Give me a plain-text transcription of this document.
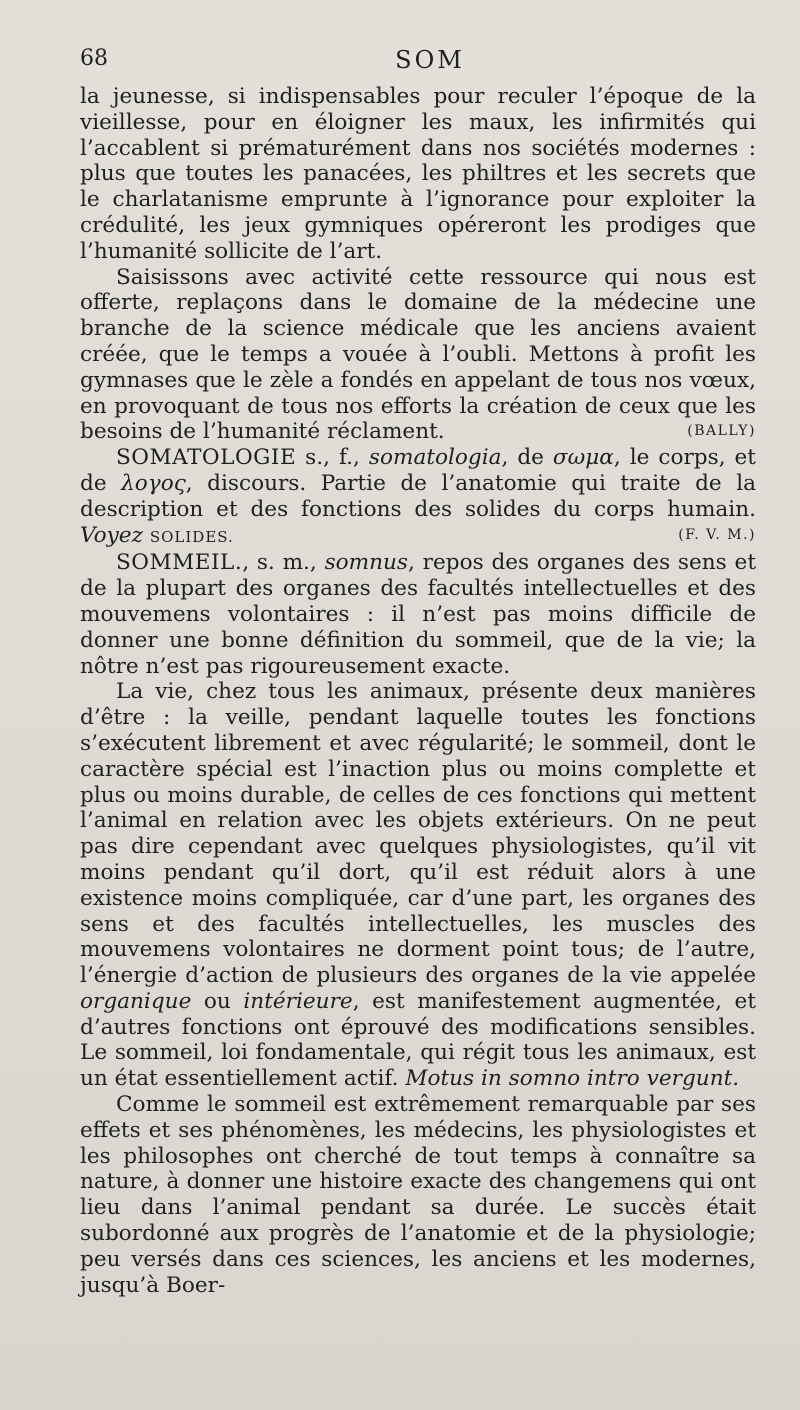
68	SOM

la jeunesse, si indispensables pour reculer l’époque de la vieillesse, pour en éloigner les maux, les infirmités qui l’accablent si prématurément dans nos sociétés modernes : plus que toutes les panacées, les philtres et les secrets que le charlatanisme emprunte à l’ignorance pour exploiter la crédulité, les jeux gymniques opéreront les prodiges que l’humanité sollicite de l’art.

Saisissons avec activité cette ressource qui nous est offerte, replaçons dans le domaine de la médecine une branche de la science médicale que les anciens avaient créée, que le temps a vouée à l’oubli. Mettons à profit les gymnases que le zèle a fondés en appelant de tous nos vœux, en provoquant de tous nos efforts la création de ceux que les besoins de l’humanité réclament.	(BALLY)

SOMATOLOGIE s., f., somatologia, de σωμα, le corps, et de λογος, discours. Partie de l’anatomie qui traite de la description et des fonctions des solides du corps humain. Voyez SOLIDES.	(F. V. M.)

SOMMEIL., s. m., somnus, repos des organes des sens et de la plupart des organes des facultés intellectuelles et des mouvemens volontaires : il n’est pas moins difficile de donner une bonne définition du sommeil, que de la vie; la nôtre n’est pas rigoureusement exacte.

La vie, chez tous les animaux, présente deux manières d’être : la veille, pendant laquelle toutes les fonctions s’exécutent librement et avec régularité; le sommeil, dont le caractère spécial est l’inaction plus ou moins complette et plus ou moins durable, de celles de ces fonctions qui mettent l’animal en relation avec les objets extérieurs. On ne peut pas dire cependant avec quelques physiologistes, qu’il vit moins pendant qu’il dort, qu’il est réduit alors à une existence moins compliquée, car d’une part, les organes des sens et des facultés intellectuelles, les muscles des mouvemens volontaires ne dorment point tous; de l’autre, l’énergie d’action de plusieurs des organes de la vie appelée organique ou intérieure, est manifestement augmentée, et d’autres fonctions ont éprouvé des modifications sensibles. Le sommeil, loi fondamentale, qui régit tous les animaux, est un état essentiellement actif. Motus in somno intro vergunt.

Comme le sommeil est extrêmement remarquable par ses effets et ses phénomènes, les médecins, les physiologistes et les philosophes ont cherché de tout temps à connaître sa nature, à donner une histoire exacte des changemens qui ont lieu dans l’animal pendant sa durée. Le succès était subordonné aux progrès de l’anatomie et de la physiologie; peu versés dans ces sciences, les anciens et les modernes, jusqu’à Boer-
